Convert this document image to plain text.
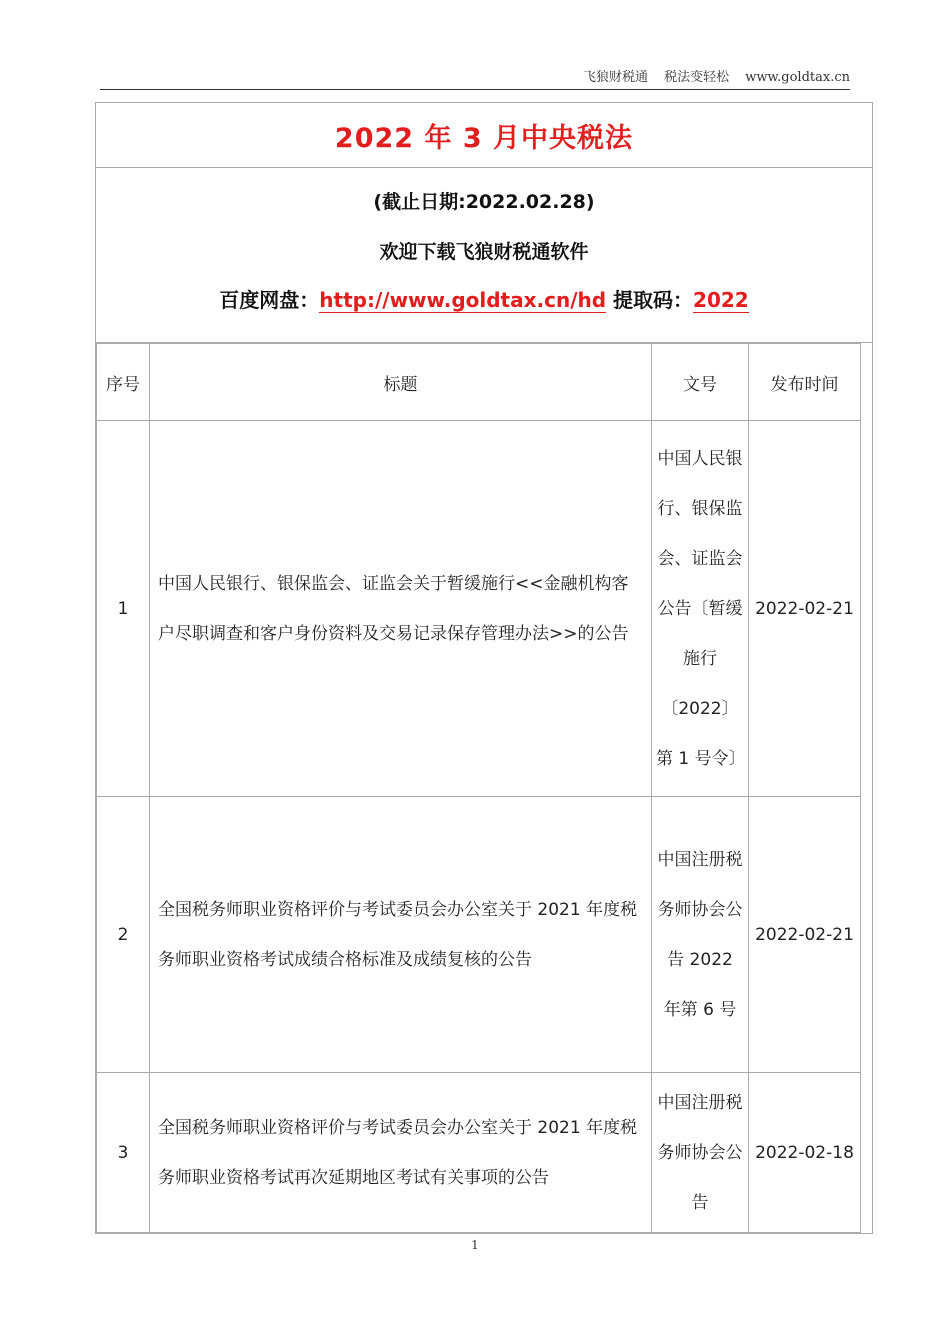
飞狼财税通 税法变轻松 www.goldtax.cn
2022 年 3 月中央税法
(截止日期:2022.02.28)
欢迎下载飞狼财税通软件
百度网盘：http://www.goldtax.cn/hd 提取码：2022
序号	标题	文号	发布时间
1	中国人民银行、银保监会、证监会关于暂缓施行<<金融机构客户尽职调查和客户身份资料及交易记录保存管理办法>>的公告	中国人民银行、银保监会、证监会公告〔暂缓施行〔2022〕第 1 号令〕	2022-02-21
2	全国税务师职业资格评价与考试委员会办公室关于 2021 年度税务师职业资格考试成绩合格标准及成绩复核的公告	中国注册税务师协会公告 2022 年第 6 号	2022-02-21
3	全国税务师职业资格评价与考试委员会办公室关于 2021 年度税务师职业资格考试再次延期地区考试有关事项的公告	中国注册税务师协会公告	2022-02-18
1
